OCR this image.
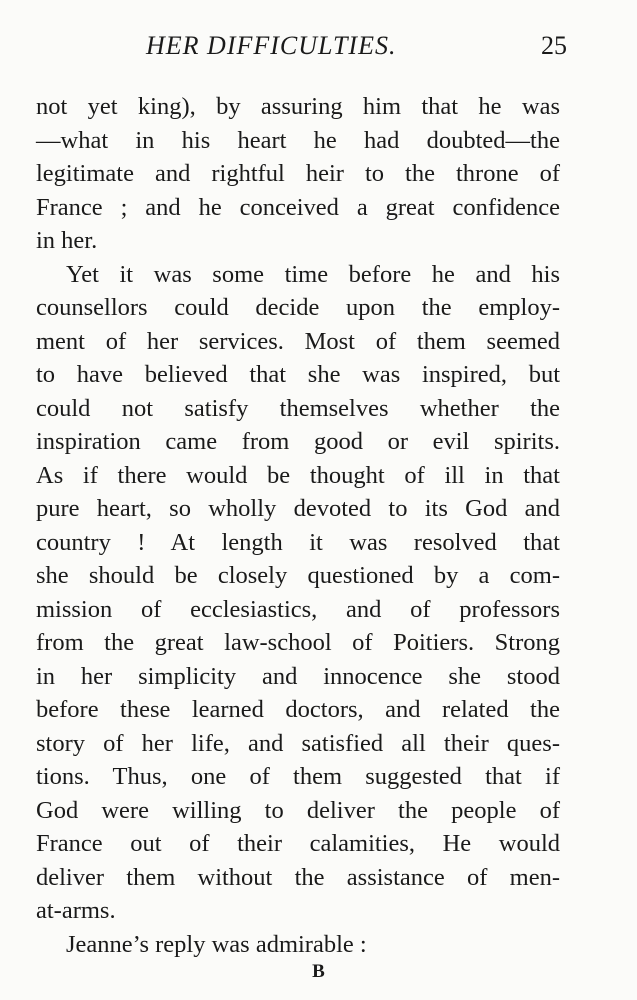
HER DIFFICULTIES.	25
not yet king), by assuring him that he was
—what in his heart he had doubted—the
legitimate and rightful heir to the throne of
France ; and he conceived a great confidence
in her.
Yet it was some time before he and his
counsellors could decide upon the employ-
ment of her services. Most of them seemed
to have believed that she was inspired, but
could not satisfy themselves whether the
inspiration came from good or evil spirits.
As if there would be thought of ill in that
pure heart, so wholly devoted to its God and
country ! At length it was resolved that
she should be closely questioned by a com-
mission of ecclesiastics, and of professors
from the great law-school of Poitiers. Strong
in her simplicity and innocence she stood
before these learned doctors, and related the
story of her life, and satisfied all their ques-
tions. Thus, one of them suggested that if
God were willing to deliver the people of
France out of their calamities, He would
deliver them without the assistance of men-
at-arms.
Jeanne’s reply was admirable :
B
